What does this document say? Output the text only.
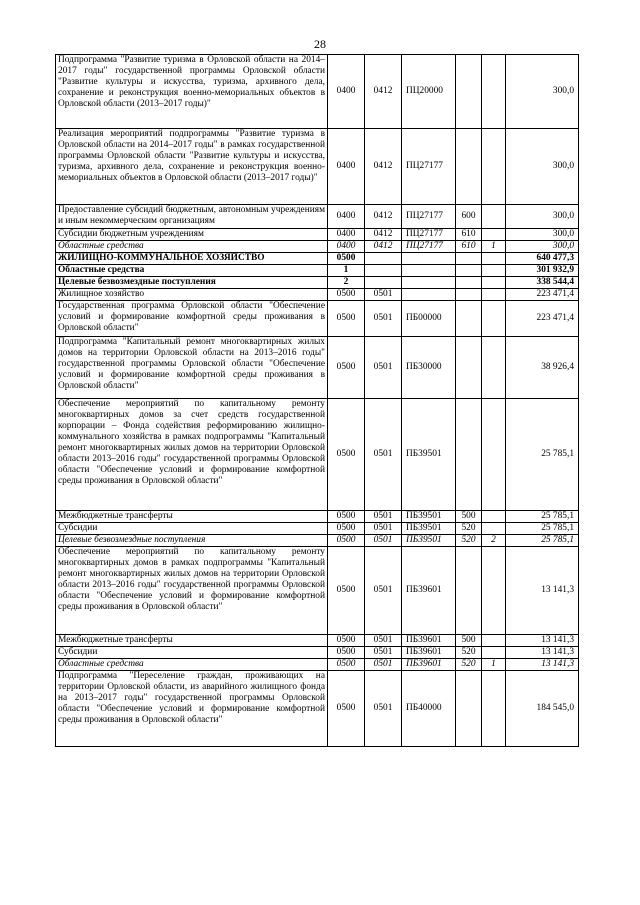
28
Подпрограмма "Развитие туризма в Орловской области на 2014–2017 годы" государственной программы Орловской области "Развитие культуры и искусства, туризма, архивного дела, сохранение и реконструкция военно-мемориальных объектов в Орловской области (2013–2017 годы)"	0400	0412	ПЦ20000			300,0
Реализация мероприятий подпрограммы "Развитие туризма в Орловской области на 2014–2017 годы" в рамках государственной программы Орловской области "Развитие культуры и искусства, туризма, архивного дела, сохранение и реконструкция военно-мемориальных объектов в Орловской области (2013–2017 годы)"	0400	0412	ПЦ27177			300,0
Предоставление субсидий бюджетным, автономным учреждениям и иным некоммерческим организациям	0400	0412	ПЦ27177	600		300,0
Субсидии бюджетным учреждениям	0400	0412	ПЦ27177	610		300,0
Областные средства	0400	0412	ПЦ27177	610	1	300,0
ЖИЛИЩНО-КОММУНАЛЬНОЕ ХОЗЯЙСТВО	0500					640 477,3
Областные средства	1					301 932,9
Целевые безвозмездные поступления	2					338 544,4
Жилищное хозяйство	0500	0501				223 471,4
Государственная программа Орловской области "Обеспечение условий и формирование комфортной среды проживания в Орловской области"	0500	0501	ПБ00000			223 471,4
Подпрограмма "Капитальный ремонт многоквартирных жилых домов на территории Орловской области на 2013–2016 годы" государственной программы Орловской области "Обеспечение условий и формирование комфортной среды проживания в Орловской области"	0500	0501	ПБ30000			38 926,4
Обеспечение мероприятий по капитальному ремонту многоквартирных домов за счет средств государственной корпорации – Фонда содействия реформированию жилищно-коммунального хозяйства в рамках подпрограммы "Капитальный ремонт многоквартирных жилых домов на территории Орловской области 2013–2016 годы" государственной программы Орловской области "Обеспечение условий и формирование комфортной среды проживания в Орловской области"	0500	0501	ПБ39501			25 785,1
Межбюджетные трансферты	0500	0501	ПБ39501	500		25 785,1
Субсидии	0500	0501	ПБ39501	520		25 785,1
Целевые безвозмездные поступления	0500	0501	ПБ39501	520	2	25 785,1
Обеспечение мероприятий по капитальному ремонту многоквартирных домов в рамках подпрограммы "Капитальный ремонт многоквартирных жилых домов на территории Орловской области 2013–2016 годы" государственной программы Орловской области "Обеспечение условий и формирование комфортной среды проживания в Орловской области"	0500	0501	ПБ39601			13 141,3
Межбюджетные трансферты	0500	0501	ПБ39601	500		13 141,3
Субсидии	0500	0501	ПБ39601	520		13 141,3
Областные средства	0500	0501	ПБ39601	520	1	13 141,3
Подпрограмма "Переселение граждан, проживающих на территории Орловской области, из аварийного жилищного фонда на 2013–2017 годы" государственной программы Орловской области "Обеспечение условий и формирование комфортной среды проживания в Орловской области"	0500	0501	ПБ40000			184 545,0
